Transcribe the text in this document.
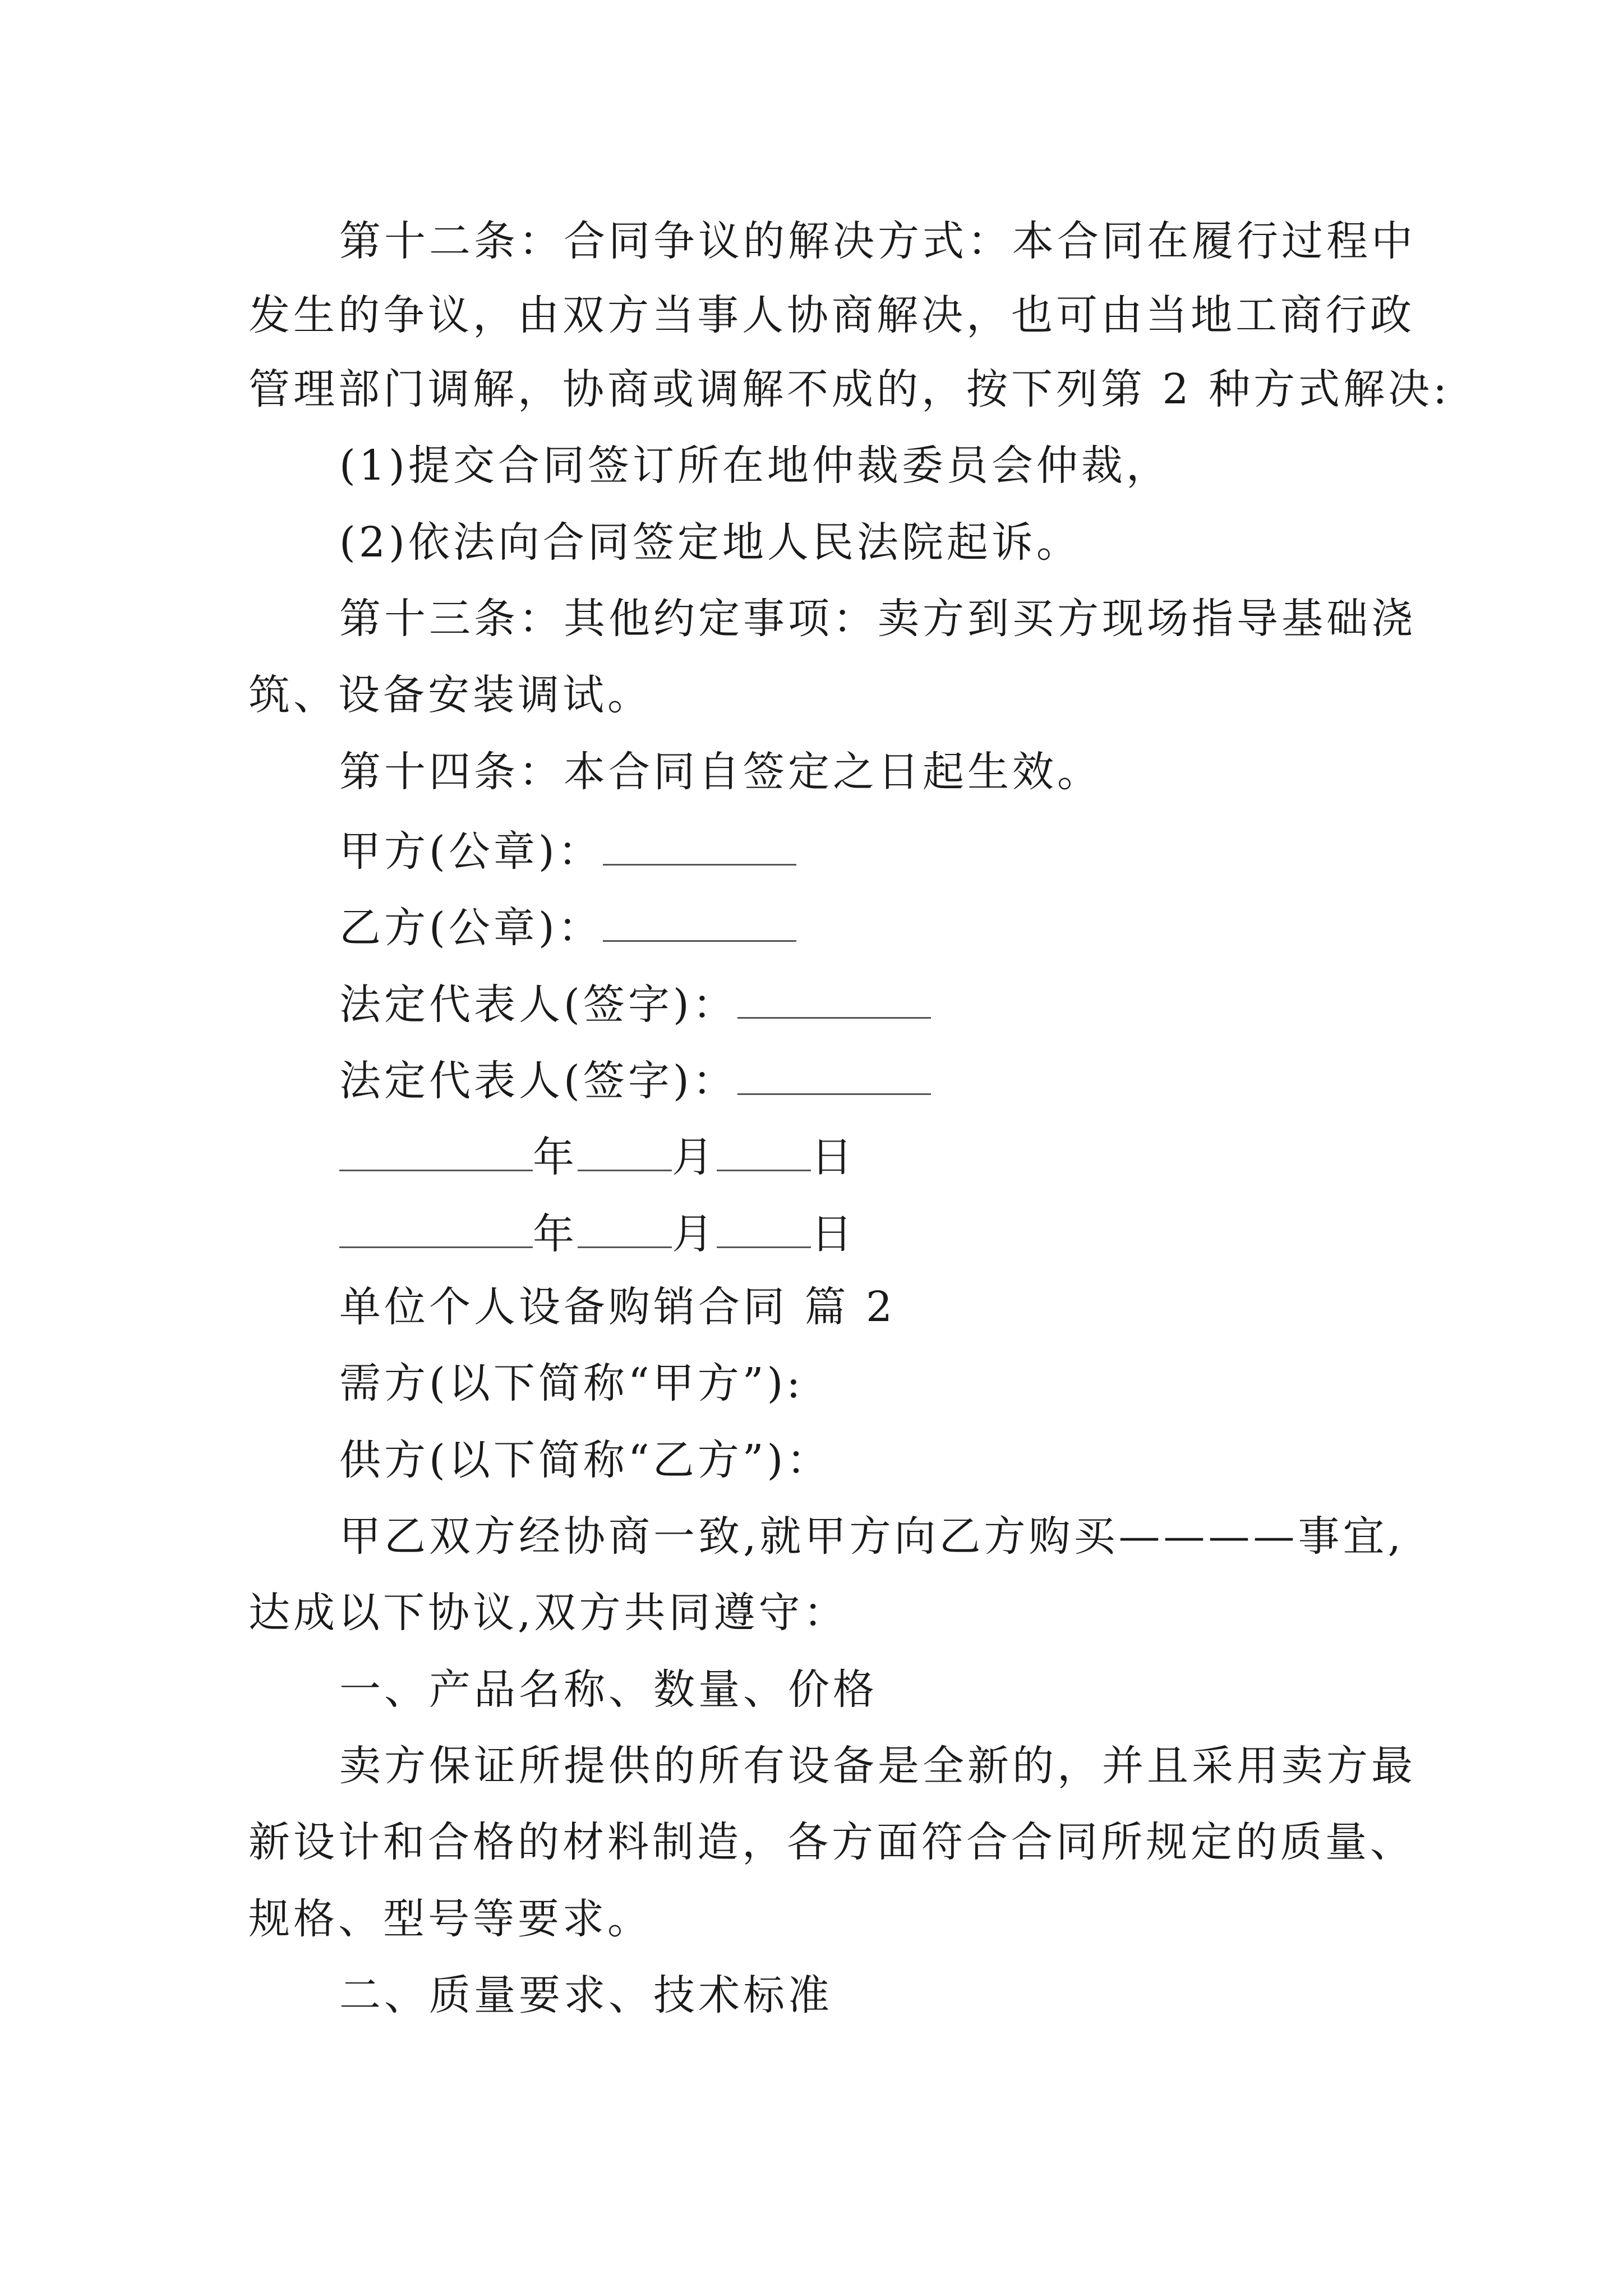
第十二条：合同争议的解决方式：本合同在履行过程中
发生的争议，由双方当事人协商解决，也可由当地工商行政
管理部门调解，协商或调解不成的，按下列第 2 种方式解决:
(1)提交合同签订所在地仲裁委员会仲裁，
(2)依法向合同签定地人民法院起诉。
第十三条：其他约定事项：卖方到买方现场指导基础浇
筑、设备安装调试。
第十四条：本合同自签定之日起生效。
甲方(公章)：
乙方(公章)：
法定代表人(签字)：
法定代表人(签字)：
年 月 日
年 月 日
单位个人设备购销合同 篇 2
需方(以下简称“甲方”):
供方(以下简称“乙方”)：
甲乙双方经协商一致,就甲方向乙方购买————事宜,
达成以下协议,双方共同遵守：
一、产品名称、数量、价格
卖方保证所提供的所有设备是全新的，并且采用卖方最
新设计和合格的材料制造，各方面符合合同所规定的质量、
规格、型号等要求。
二、质量要求、技术标准
